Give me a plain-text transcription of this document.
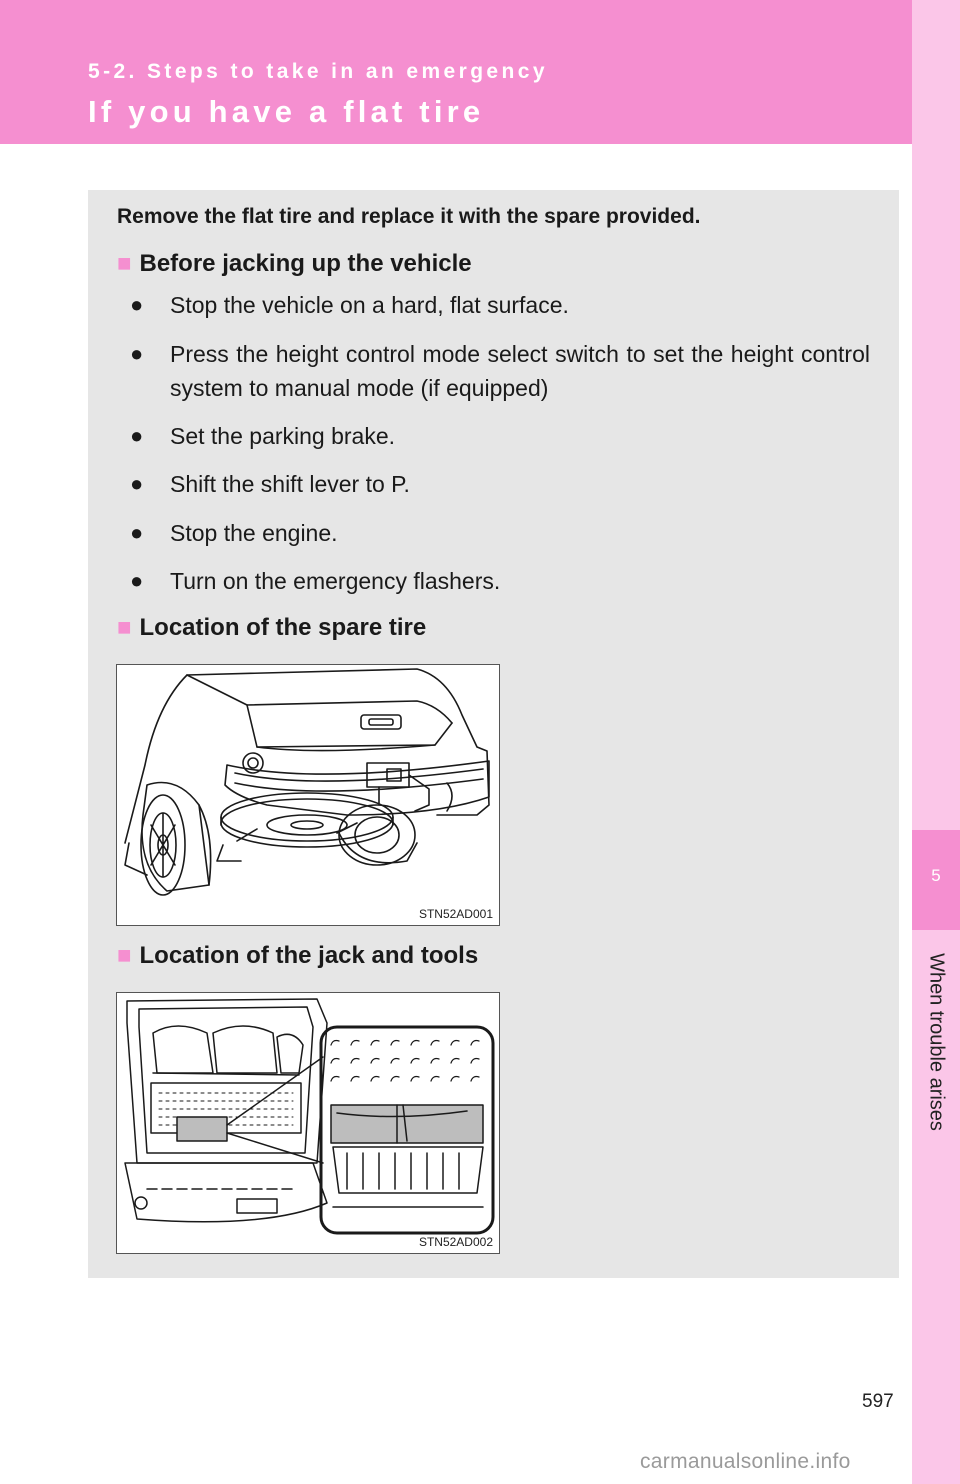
5-2. Steps to take in an emergency
If you have a flat tire
5
When trouble arises
Remove the flat tire and replace it with the spare provided.
■ Before jacking up the vehicle
●	Stop the vehicle on a hard, flat surface.
●	Press the height control mode select switch to set the height control system to manual mode (if equipped)
●	Set the parking brake.
●	Shift the shift lever to P.
●	Stop the engine.
●	Turn on the emergency flashers.
■ Location of the spare tire
STN52AD001
■ Location of the jack and tools
STN52AD002
597
carmanualsonline.info
